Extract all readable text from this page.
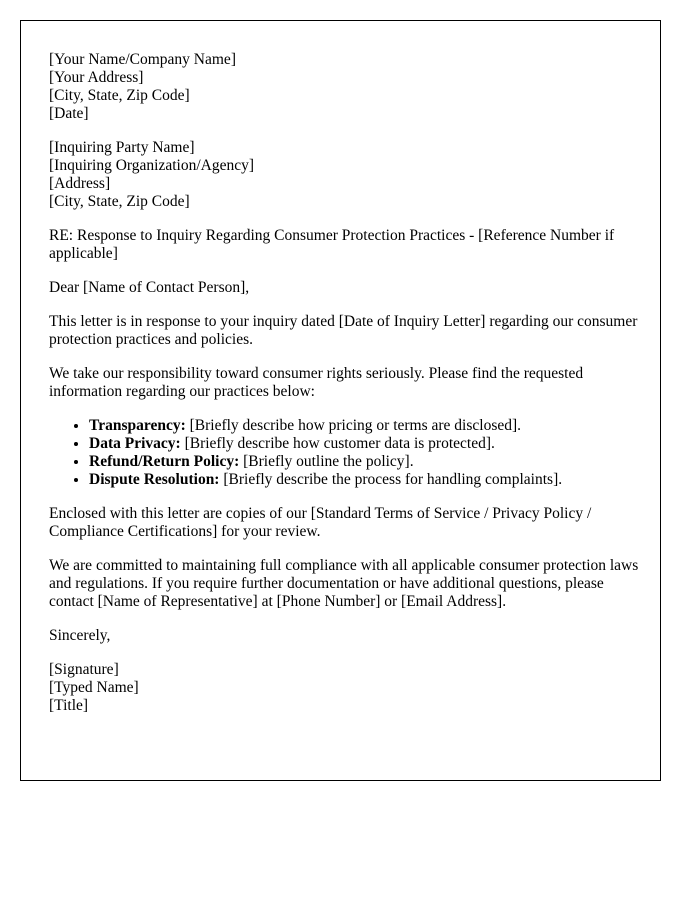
[Your Name/Company Name]
[Your Address]
[City, State, Zip Code]
[Date]
[Inquiring Party Name]
[Inquiring Organization/Agency]
[Address]
[City, State, Zip Code]

RE: Response to Inquiry Regarding Consumer Protection Practices - [Reference Number if applicable]

Dear [Name of Contact Person],

This letter is in response to your inquiry dated [Date of Inquiry Letter] regarding our consumer protection practices and policies.

We take our responsibility toward consumer rights seriously. Please find the requested information regarding our practices below:

• Transparency: [Briefly describe how pricing or terms are disclosed].
• Data Privacy: [Briefly describe how customer data is protected].
• Refund/Return Policy: [Briefly outline the policy].
• Dispute Resolution: [Briefly describe the process for handling complaints].

Enclosed with this letter are copies of our [Standard Terms of Service / Privacy Policy / Compliance Certifications] for your review.

We are committed to maintaining full compliance with all applicable consumer protection laws and regulations. If you require further documentation or have additional questions, please contact [Name of Representative] at [Phone Number] or [Email Address].

Sincerely,

[Signature]
[Typed Name]
[Title]
